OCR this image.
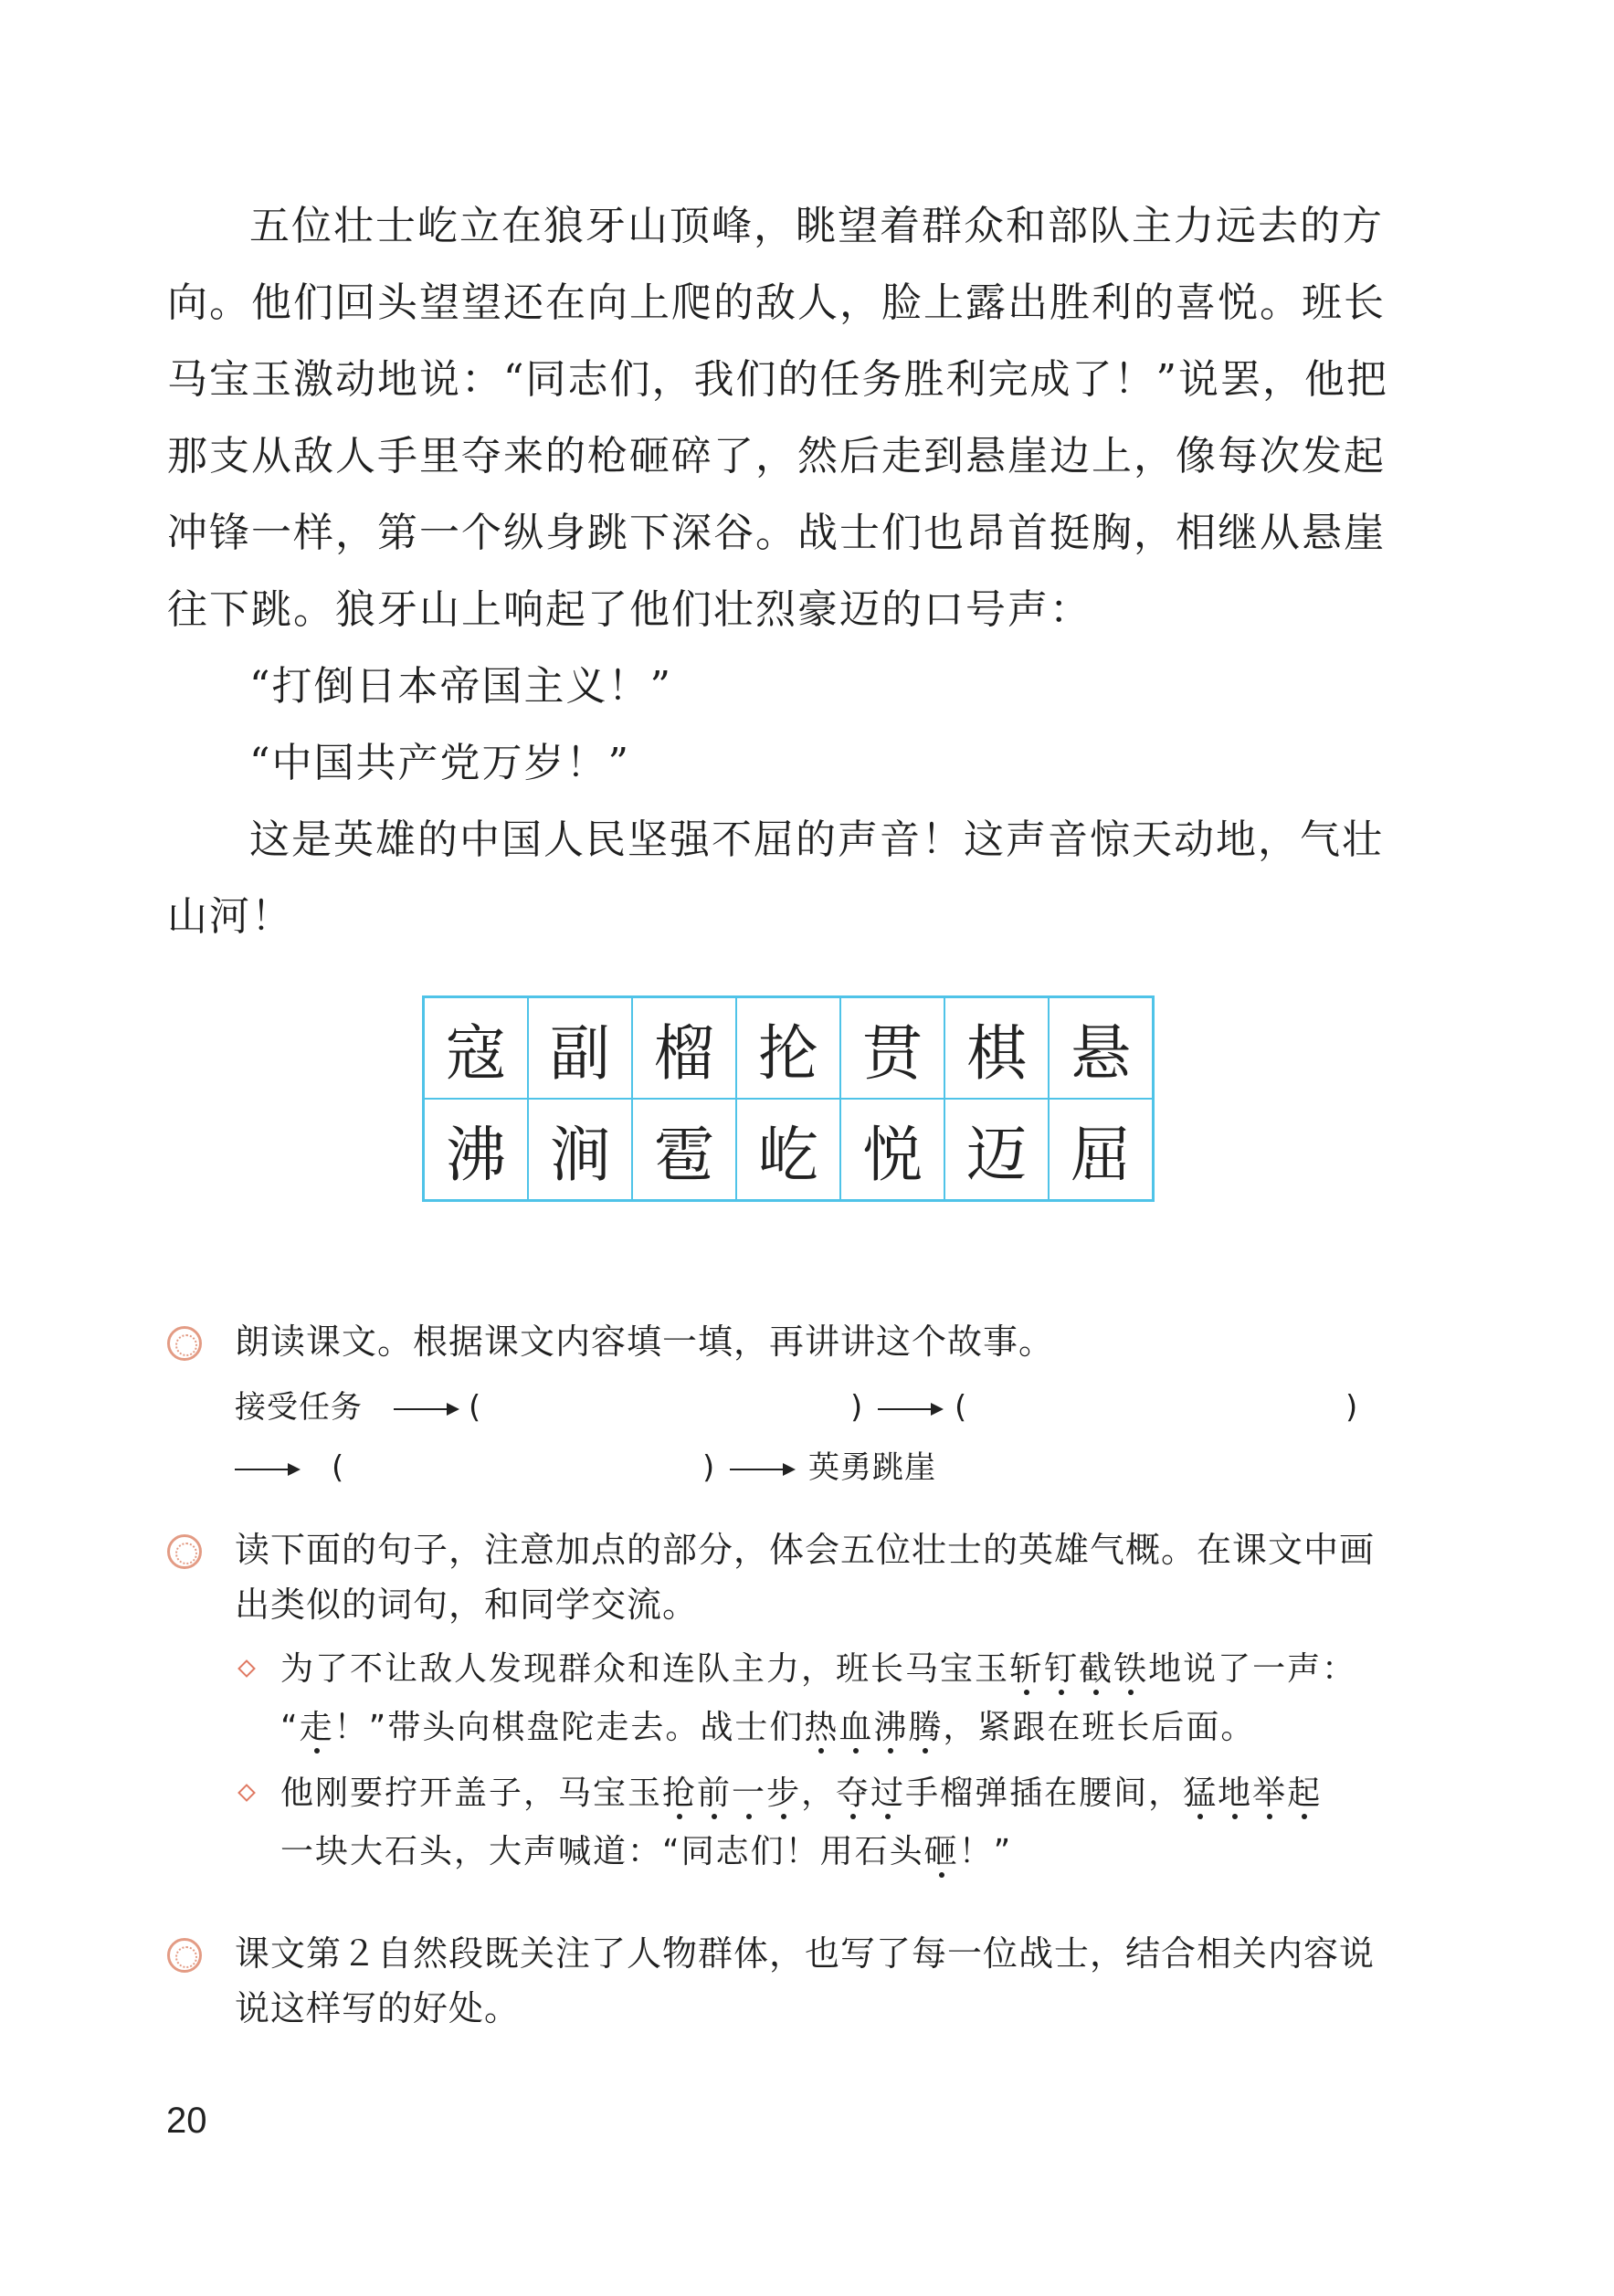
五位壮士屹立在狼牙山顶峰，眺望着群众和部队主力远去的方
向。他们回头望望还在向上爬的敌人，脸上露出胜利的喜悦。班长
马宝玉激动地说：“同志们，我们的任务胜利完成了！”说罢，他把
那支从敌人手里夺来的枪砸碎了，然后走到悬崖边上，像每次发起
冲锋一样，第一个纵身跳下深谷。战士们也昂首挺胸，相继从悬崖
往下跳。狼牙山上响起了他们壮烈豪迈的口号声：
“打倒日本帝国主义！”
“中国共产党万岁！”
这是英雄的中国人民坚强不屈的声音！这声音惊天动地，气壮
山河！
寇	副	榴	抡	贯	棋	悬
沸	涧	雹	屹	悦	迈	屈
朗读课文。根据课文内容填一填，再讲讲这个故事。
接受任务	(	)	(	)
(	)	英勇跳崖
读下面的句子，注意加点的部分，体会五位壮士的英雄气概。在课文中画
出类似的词句，和同学交流。
为了不让敌人发现群众和连队主力，班长马宝玉斩钉截铁地说了一声：
“走！”带头向棋盘陀走去。战士们热血沸腾，紧跟在班长后面。
他刚要拧开盖子，马宝玉抢前一步，夺过手榴弹插在腰间，猛地举起
一块大石头，大声喊道：“同志们！用石头砸！”
课文第２自然段既关注了人物群体，也写了每一位战士，结合相关内容说
说这样写的好处。
20
